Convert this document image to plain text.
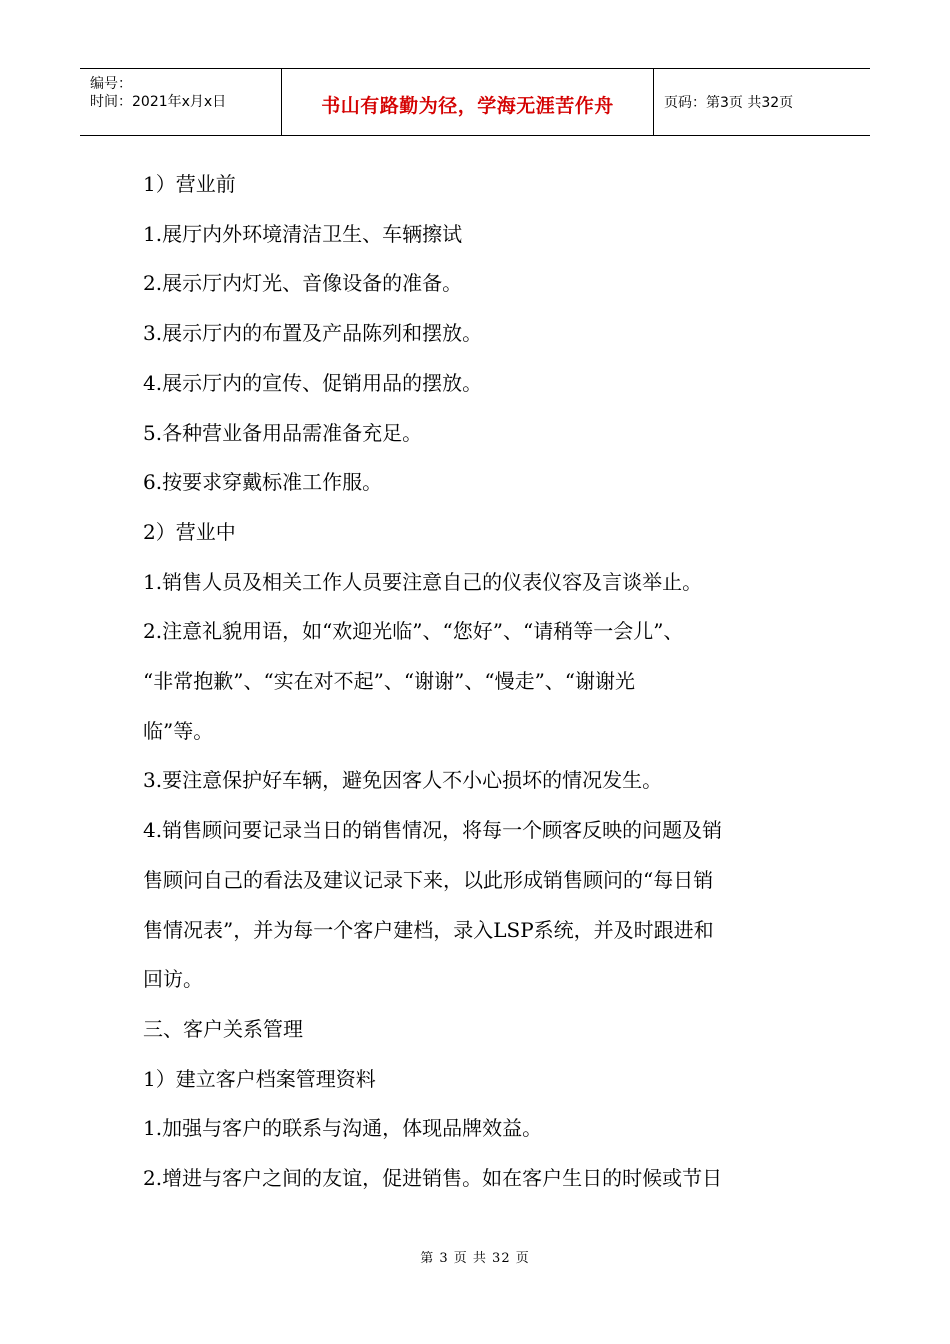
编号：
时间：2021年x月x日	书山有路勤为径，学海无涯苦作舟	页码：第3页 共32页

1）营业前

1.展厅内外环境清洁卫生、车辆擦试

2.展示厅内灯光、音像设备的准备。

3.展示厅内的布置及产品陈列和摆放。

4.展示厅内的宣传、促销用品的摆放。

5.各种营业备用品需准备充足。

6.按要求穿戴标准工作服。

2）营业中

1.销售人员及相关工作人员要注意自己的仪表仪容及言谈举止。

2.注意礼貌用语，如“欢迎光临”、“您好”、“请稍等一会儿”、

“非常抱歉”、“实在对不起”、“谢谢”、“慢走”、“谢谢光

临”等。

3.要注意保护好车辆，避免因客人不小心损坏的情况发生。

4.销售顾问要记录当日的销售情况，将每一个顾客反映的问题及销

售顾问自己的看法及建议记录下来，以此形成销售顾问的“每日销

售情况表”，并为每一个客户建档，录入LSP系统，并及时跟进和

回访。

三、客户关系管理

1）建立客户档案管理资料

1.加强与客户的联系与沟通，体现品牌效益。

2.增进与客户之间的友谊，促进销售。如在客户生日的时候或节日

第 3 页 共 32 页
